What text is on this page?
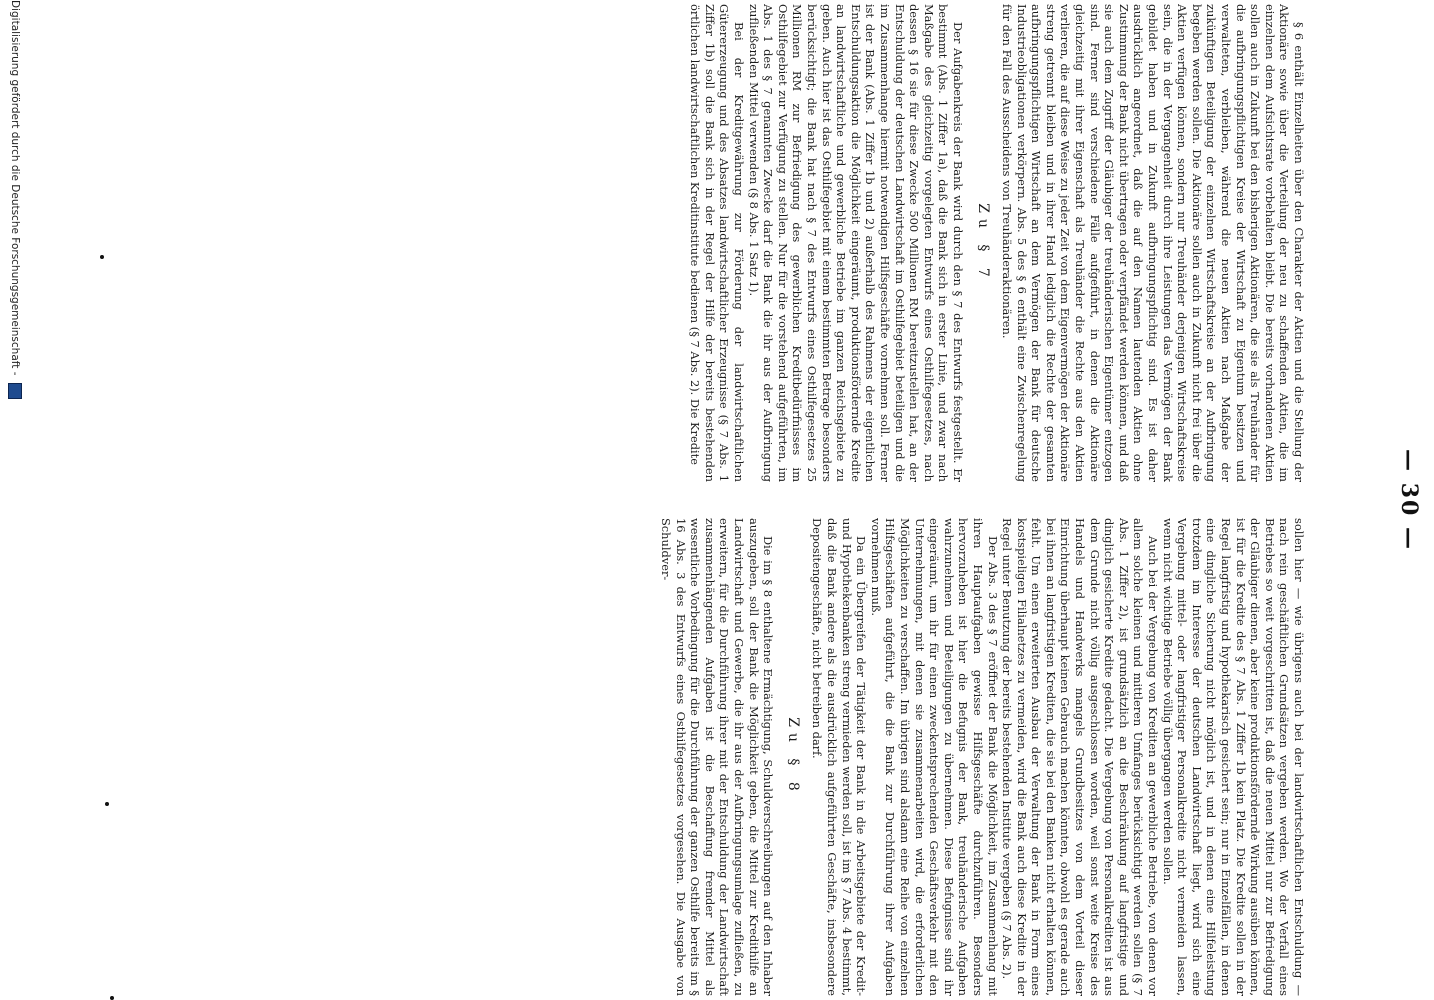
— 30 —

§ 6 enthält Einzelheiten über den Charakter der Aktien und die Stellung der Aktionäre sowie über die Verteilung der neu zu schaffenden Aktien, die im einzelnen dem Aufsichtsrate vorbehalten bleibt. Die bereits vorhandenen Aktien sollen auch in Zukunft bei den bisherigen Aktionären, die sie als Treuhänder für die aufbringungspflichtigen Kreise der Wirtschaft zu Eigentum besitzen und verwalteten, verbleiben, während die neuen Aktien nach Maßgabe der zukünftigen Beteiligung der einzelnen Wirtschaftskreise an der Aufbringung begeben werden sollen. Die Aktionäre sollen auch in Zukunft nicht frei über die Aktien verfügen können, sondern nur Treuhänder derjenigen Wirtschaftskreise sein, die in der Vergangenheit durch ihre Leistungen das Vermögen der Bank gebildet haben und in Zukunft aufbringungspflichtig sind. Es ist daher ausdrücklich angeordnet, daß die auf den Namen lautenden Aktien ohne Zustimmung der Bank nicht übertragen oder verpfändet werden können, und daß sie auch dem Zugriff der Gläubiger der treuhänderischen Eigentümer entzogen sind. Ferner sind verschiedene Fälle aufgeführt, in denen die Aktionäre gleichzeitig mit ihrer Eigenschaft als Treuhänder die Rechte aus den Aktien verlieren, die auf diese Weise zu jeder Zeit von dem Eigenvermögen der Aktionäre streng getrennt bleiben und in ihrer Hand lediglich die Rechte der gesamten aufbringungspflichtigen Wirtschaft an dem Vermögen der Bank für deutsche Industrieobligationen verkörpern. Abs. 5 des § 6 enthält eine Zwischenregelung für den Fall des Ausscheidens von Treuhänderaktionären.

Zu § 7

Der Aufgabenkreis der Bank wird durch den § 7 des Entwurfs festgestellt. Er bestimmt (Abs. 1 Ziffer 1a), daß die Bank sich in erster Linie, und zwar nach Maßgabe des gleichzeitig vorgelegten Entwurfs eines Osthilfegesetzes, nach dessen § 16 sie für diese Zwecke 500 Millionen RM bereitzustellen hat, an der Entschuldung der deutschen Landwirtschaft im Osthilfegebiet beteiligen und die im Zusammenhange hiermit notwendigen Hilfsgeschäfte vornehmen soll. Ferner ist der Bank (Abs. 1 Ziffer 1b und 2) außerhalb des Rahmens der eigentlichen Entschuldungsaktion die Möglichkeit eingeräumt, produktionsfördernde Kredite an landwirtschaftliche und gewerbliche Betriebe im ganzen Reichsgebiete zu geben. Auch hier ist das Osthilfegebiet mit einem bestimmten Betrage besonders berücksichtigt; die Bank hat nach § 7 des Entwurfs eines Osthilfegesetzes 25 Millionen RM zur Befriedigung des gewerblichen Kreditbedürfnisses im Osthilfegebiet zur Verfügung zu stellen. Nur für die vorstehend aufgeführten, im Abs. 1 des § 7 genannten Zwecke darf die Bank die ihr aus der Aufbringung zufließenden Mittel verwenden (§ 8 Abs. 1 Satz 1).

Bei der Kreditgewährung zur Förderung der landwirtschaftlichen Gütererzeugung und des Absatzes landwirtschaftlicher Erzeugnisse (§ 7 Abs. 1 Ziffer 1b) soll die Bank sich in der Regel der Hilfe der bereits bestehenden örtlichen landwirtschaftlichen Kreditinstitute bedienen (§ 7 Abs. 2). Die Kredite

sollen hier — wie übrigens auch bei der landwirtschaftlichen Entschuldung — nach rein geschäftlichen Grundsätzen vergeben werden. Wo der Verfall eines Betriebes so weit vorgeschritten ist, daß die neuen Mittel nur zur Befriedigung der Gläubiger dienen, aber keine produktionsfördernde Wirkung ausüben können, ist für die Kredite des § 7 Abs. 1 Ziffer 1b kein Platz. Die Kredite sollen in der Regel langfristig und hypothekarisch gesichert sein; nur in Einzelfällen, in denen eine dingliche Sicherung nicht möglich ist, und in denen eine Hilfeleistung trotzdem im Interesse der deutschen Landwirtschaft liegt, wird sich eine Vergebung mittel- oder langfristiger Personalkredite nicht vermeiden lassen, wenn nicht wichtige Betriebe völlig übergangen werden sollen.

Auch bei der Vergebung von Krediten an gewerbliche Betriebe, von denen vor allem solche kleinen und mittleren Umfanges berücksichtigt werden sollen (§ 7 Abs. 1 Ziffer 2), ist grundsätzlich an die Beschränkung auf langfristige und dinglich gesicherte Kredite gedacht. Die Vergebung von Personalkrediten ist aus dem Grunde nicht völlig ausgeschlossen worden, weil sonst weite Kreise des Handels und Handwerks mangels Grundbesitzes von dem Vorteil dieser Einrichtung überhaupt keinen Gebrauch machen könnten, obwohl es gerade auch bei ihnen an langfristigen Krediten, die sie bei den Banken nicht erhalten können, fehlt. Um einen erweiterten Ausbau der Verwaltung der Bank in Form eines kostspieligen Filialnetzes zu vermeiden, wird die Bank auch diese Kredite in der Regel unter Benutzung der bereits bestehenden Institute vergeben (§ 7 Abs. 2).

Der Abs. 3 des § 7 eröffnet der Bank die Möglichkeit, im Zusammenhang mit ihren Hauptaufgaben gewisse Hilfsgeschäfte durchzuführen. Besonders hervorzuheben ist hier die Befugnis der Bank, treuhänderische Aufgaben wahrzunehmen und Beteiligungen zu übernehmen. Diese Befugnisse sind ihr eingeräumt, um ihr für einen zweckentsprechenden Geschäftsverkehr mit den Unternehmungen, mit denen sie zusammenarbeiten wird, die erforderlichen Möglichkeiten zu verschaffen. Im übrigen sind alsdann eine Reihe von einzelnen Hilfsgeschäften aufgeführt, die die Bank zur Durchführung ihrer Aufgaben vornehmen muß.

Da ein Übergreifen der Tätigkeit der Bank in die Arbeitsgebiete der Kredit- und Hypothekenbanken streng vermieden werden soll, ist im § 7 Abs. 4 bestimmt, daß die Bank andere als die ausdrücklich aufgeführten Geschäfte, insbesondere Depositengeschäfte, nicht betreiben darf.

Zu § 8

Die im § 8 enthaltene Ermächtigung, Schuldverschreibungen auf den Inhaber auszugeben, soll der Bank die Möglichkeit geben, die Mittel zur Kredithilfe an Landwirtschaft und Gewerbe, die ihr aus der Aufbringungsumlage zufließen, zu erweitern, für die Durchführung ihrer mit der Entschuldung der Landwirtschaft zusammenhängenden Aufgaben ist die Beschaffung fremder Mittel als wesentliche Vorbedingung für die Durchführung der ganzen Osthilfe bereits im § 16 Abs. 3 des Entwurfs eines Osthilfegesetzes vorgesehen. Die Ausgabe von Schuldver-

Digitalisierung gefördert durch die Deutsche Forschungsgemeinschaft -
